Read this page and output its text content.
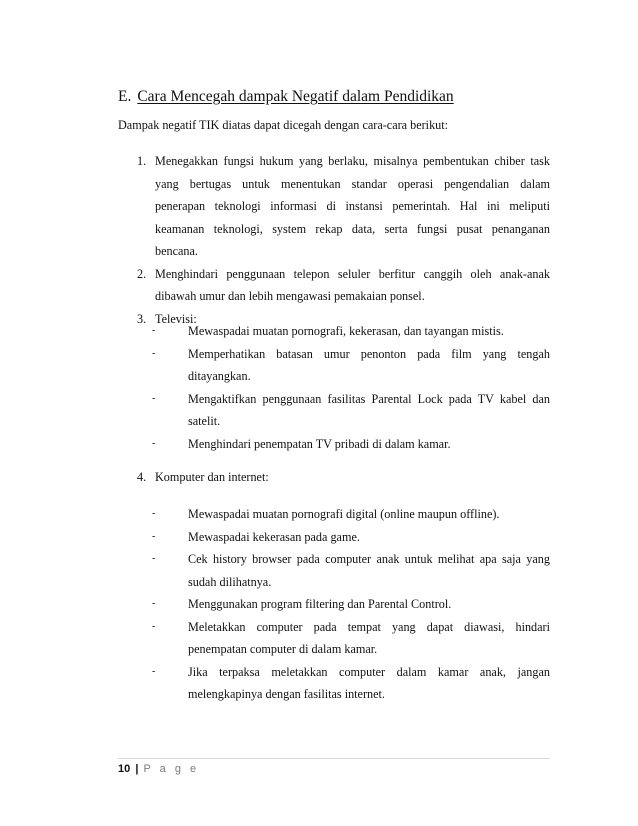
E. Cara Mencegah dampak Negatif dalam Pendidikan
Dampak negatif TIK diatas dapat dicegah dengan cara-cara berikut:
1. Menegakkan fungsi hukum yang berlaku, misalnya pembentukan chiber task

yang bertugas untuk menentukan standar operasi pengendalian dalam

penerapan teknologi informasi di instansi pemerintah. Hal ini meliputi

keamanan teknologi, system rekap data, serta fungsi pusat penanganan

bencana.

2. Menghindari penggunaan telepon seluler berfitur canggih oleh anak-anak

dibawah umur dan lebih mengawasi pemakaian ponsel.

3. Televisi:

-	Mewaspadai muatan pornografi, kekerasan, dan tayangan mistis.

-	Memperhatikan batasan umur penonton pada film yang tengah

ditayangkan.

-	Mengaktifkan penggunaan fasilitas Parental Lock pada TV kabel dan

satelit.

-	Menghindari penempatan TV pribadi di dalam kamar.

4. Komputer dan internet:

-	Mewaspadai muatan pornografi digital (online maupun offline).

-	Mewaspadai kekerasan pada game.

-	Cek history browser pada computer anak untuk melihat apa saja yang

sudah dilihatnya.

-	Menggunakan program filtering dan Parental Control.

-	Meletakkan computer pada tempat yang dapat diawasi, hindari

penempatan computer di dalam kamar.

-	Jika terpaksa meletakkan computer dalam kamar anak, jangan

melengkapinya dengan fasilitas internet.

10 | P a g e
